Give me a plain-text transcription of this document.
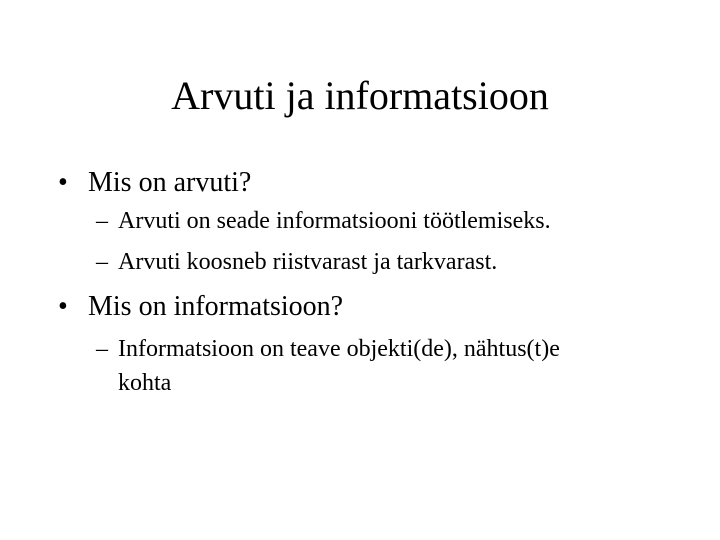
Arvuti ja informatsioon
• Mis on arvuti?
– Arvuti on seade informatsiooni töötlemiseks.
– Arvuti koosneb riistvarast ja tarkvarast.
• Mis on informatsioon?
– Informatsioon on teave objekti(de), nähtus(t)e
kohta
